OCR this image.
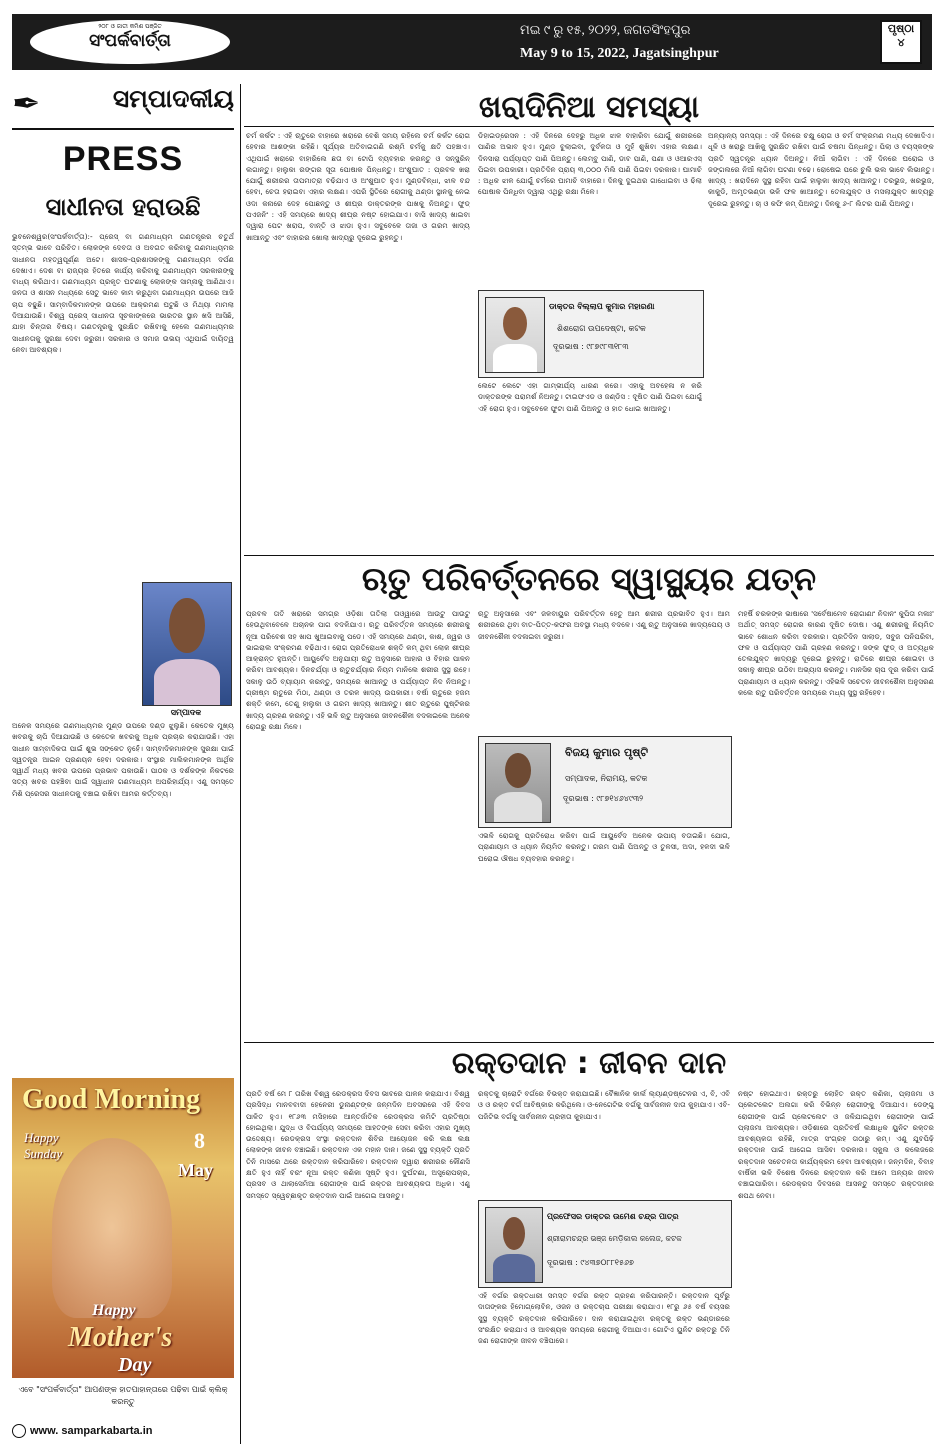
୨୦୮ ଓ ଜାତୀ କମିଶ ପଞ୍ଜିତ
ସଂପର୍କବାର୍ତ୍ତା
ମଇ ୯ ରୁ ୧୫, ୨୦୨୨, ଜଗତସିଂହପୁର
May 9 to 15, 2022, Jagatsinghpur
ପୃଷ୍ଠା
୪
✒	ସମ୍ପାଦକୀୟ
PRESS
ସାଧୀନତା ହରାଉଛି
ଭୁବନେଶ୍ୱର(ସଂପର୍କବାର୍ତ୍ତା):- ପ୍ରେସ୍ ବା ଗଣମାଧ୍ୟମ ଗଣତନ୍ତ୍ରର ଚତୁର୍ଥ ସ୍ତମ୍ଭ ଭାବେ ପରିଚିତ। ଲୋକଙ୍କ ଦେବତା ଓ ଅବଗତ କରିବାକୁ ଗଣମାଧ୍ୟମର ସାଧୀନତା ମହତ୍ୱପୂର୍ଣ୍ଣ ଅଟେ। ଶାସକ-ପ୍ରଶାସକଙ୍କୁ ଗଣମାଧ୍ୟମ ଦର୍ପଣ ଦେଖାଏ। ଦେଶ ବା ରାଜ୍ୟର ହିତରେ କାର୍ଯ୍ୟ କରିବାକୁ ଗଣମାଧ୍ୟମ ସରକାରଙ୍କୁ ବାଧ୍ୟ କରିଥାଏ। ଗଣମାଧ୍ୟମ ପ୍ରକୃତ ଘଟଣାକୁ ଲୋକଙ୍କ ସାମ୍ନାକୁ ଆଣିଥାଏ। ଜନତା ଓ ଶାସନ ମଧ୍ୟରେ ସେତୁ ଭାବେ କାମ କରୁଥିବା ଗଣମାଧ୍ୟମ ଉପରେ ଆଜି ଚାପ ବଢୁଛି। ସାମ୍ବାଦିକମାନଙ୍କ ଉପରେ ଆକ୍ରମଣ ଘଟୁଛି ଓ ମିଥ୍ୟା ମାମଲା ଦିଆଯାଉଛି। ବିଶ୍ୱ ପ୍ରେସ୍ ସାଧୀନତା ସୂଚକାଙ୍କରେ ଭାରତର ସ୍ଥାନ ଖସି ଆସିଛି, ଯାହା ଚିନ୍ତାର ବିଷୟ। ଗଣତନ୍ତ୍ରକୁ ସୁରକ୍ଷିତ ରଖିବାକୁ ହେଲେ ଗଣମାଧ୍ୟମର ସାଧୀନତାକୁ ସୁରକ୍ଷା ଦେବା ଜରୁରୀ। ସରକାର ଓ ସମାଜ ଉଭୟ ଏଥିପାଇଁ ଦାୟିତ୍ୱ ନେବା ଆବଶ୍ୟକ।
ସମ୍ପାଦକ
ଅନେକ ସମୟରେ ଗଣମାଧ୍ୟମର ମୁଣ୍ଡ ଉପରେ ଦଣ୍ଡ ଝୁଲୁଛି। କେତେକ ମୁଖ୍ୟ ଖବରକୁ ଚାପି ଦିଆଯାଉଛି ଓ କେତେକ ଖବରକୁ ଅଧିକ ପ୍ରଚାର କରାଯାଉଛି। ଏହା ସାଧୀନ ସାମ୍ବାଦିକତା ପାଇଁ ଶୁଭ ସଙ୍କେତ ନୁହେଁ। ସାମ୍ବାଦିକମାନଙ୍କ ସୁରକ୍ଷା ପାଇଁ ସ୍ୱତନ୍ତ୍ର ଆଇନ ପ୍ରଣୟନ ହେବା ଦରକାର। ସଂସ୍ଥାର ମାଲିକମାନଙ୍କ ଆର୍ଥିକ ସ୍ୱାର୍ଥ ମଧ୍ୟ ଖବର ଉପରେ ପ୍ରଭାବ ପକାଉଛି। ପାଠକ ଓ ଦର୍ଶକଙ୍କ ନିକଟରେ ସତ୍ୟ ଖବର ପହଞ୍ଚିବା ପାଇଁ ସ୍ୱାଧୀନ ଗଣମାଧ୍ୟମ ଅପରିହାର୍ଯ୍ୟ। ଏଣୁ ସମସ୍ତେ ମିଶି ପ୍ରେସର ସାଧୀନତାକୁ ବଞ୍ଚାଇ ରଖିବା ଆମର କର୍ତ୍ତବ୍ୟ।
Good Morning
Happy
Sunday
8
May
Happy
Mother's
Day
ଏବେ "ସଂପର୍କବାର୍ତ୍ତା" ଆପଣଙ୍କ ହାତପାହାନ୍ତାରେ ପଢିବା ପାଇଁ କ୍ଲିକ୍ କରନ୍ତୁ
www. samparkabarta.in
ଖରାଦିନିଆ ସମସ୍ୟା
ଚର୍ମ କର୍କଟ : ଏହି ଋତୁରେ ବାହାରେ ଖରାରେ ବେଶି ସମୟ ରହିଲେ ଚର୍ମ କର୍କଟ ରୋଗ ହେବାର ଆଶଙ୍କା ରହିଛି। ସୂର୍ଯ୍ୟର ଅତିବାଇଗଣି ରଶ୍ମି ଚର୍ମକୁ କ୍ଷତି ପହଞ୍ଚାଏ। ଏଥିପାଇଁ ଖରାରେ ବାହାରିଲେ ଛତା ବା ଟୋପି ବ୍ୟବହାର କରନ୍ତୁ ଓ ସନ୍‌ସ୍କ୍ରିନ୍ ଲଗାନ୍ତୁ। ହାଲୁକା ରଙ୍ଗର ସୂତା ପୋଷାକ ପିନ୍ଧନ୍ତୁ। ଅଂଶୁଘାତ : ପ୍ରବଳ ଖରା ଯୋଗୁଁ ଶରୀରର ତାପମାତ୍ରା ବଢିଯାଏ ଓ ଅଂଶୁଘାତ ହୁଏ। ମୁଣ୍ଡବିନ୍ଧା, ଝାଳ ବନ୍ଦ ହେବା, ଚେତା ହରାଇବା ଏହାର ଲକ୍ଷଣ। ଏପରି ସ୍ଥିତିରେ ରୋଗୀକୁ ଥଣ୍ଡା ସ୍ଥାନକୁ ନେଇ ଓଦା କନାରେ ଦେହ ପୋଛନ୍ତୁ ଓ ଶୀଘ୍ର ଡାକ୍ତରଙ୍କ ପାଖକୁ ନିଅନ୍ତୁ। ଫୁଡ୍ ପଏଜନିଂ : ଏହି ସମୟରେ ଖାଦ୍ୟ ଶୀଘ୍ର ନଷ୍ଟ ହୋଇଯାଏ। ବାସି ଖାଦ୍ୟ ଖାଇବା ଦ୍ୱାରା ପେଟ ଖରାପ, ବାନ୍ତି ଓ ଝାଡା ହୁଏ। ସବୁବେଳେ ତାଜା ଓ ଗରମ ଖାଦ୍ୟ ଖାଆନ୍ତୁ ଏବଂ ବାହାରର ଖୋଲା ଖାଦ୍ୟରୁ ଦୂରେଇ ରୁହନ୍ତୁ।
ଡିହାଇଡ୍ରେସନ : ଏହି ଦିନରେ ଦେହରୁ ଅଧିକ ଝାଳ ବାହାରିବା ଯୋଗୁଁ ଶରୀରରେ ପାଣିର ଅଭାବ ହୁଏ। ମୁଣ୍ଡ ବୁଲାଇବା, ଦୁର୍ବଳତା ଓ ମୁହଁ ଶୁଖିବା ଏହାର ଲକ୍ଷଣ। ଦିନସାରା ପର୍ଯ୍ୟାପ୍ତ ପାଣି ପିଅନ୍ତୁ। ଲେମ୍ବୁ ପାଣି, ଡାବ ପାଣି, ପଣା ଓ ଓଆରଏସ୍ ପିଇବା ଉପକାରୀ। ପ୍ରତିଦିନ ପ୍ରାୟ ୩,୦୦୦ ମିଲି ପାଣି ପିଇବା ଦରକାର। ଘାମାଚି : ଅଧିକ ଝାଳ ଯୋଗୁଁ ଚର୍ମରେ ଘାମାଚି ବାହାରେ। ଦିନକୁ ଦୁଇଥର ଗାଧୋଇବା ଓ ଢିଲା ପୋଷାକ ପିନ୍ଧିବା ଦ୍ୱାରା ଏଥିରୁ ରକ୍ଷା ମିଳେ।
ଡାକ୍ତର ବିଲ୍ଲାପ କୁମାର ମହାରଣା
ଶିଶରୋଗ ଉପଦେଷ୍ଟା, କଟକ
ଦୂରଭାଷ : ୯୮୭୯୮୩୧୮୩
ଲେଟେ ଲେଟେ ଏହା ଗାମ୍ଭୀର୍ଯ୍ୟ ଧାରଣ କରେ। ଏହାକୁ ଅବହେଳା ନ କରି ଡାକ୍ତରଙ୍କ ପରାମର୍ଶ ନିଅନ୍ତୁ। ଟାଇଫଏଡ ଓ ଜଣ୍ଡିସ : ଦୂଷିତ ପାଣି ପିଇବା ଯୋଗୁଁ ଏହି ରୋଗ ହୁଏ। ସବୁବେଳେ ଫୁଟା ପାଣି ପିଅନ୍ତୁ ଓ ହାତ ଧୋଇ ଖାଆନ୍ତୁ।
ଅନ୍ୟାନ୍ୟ ସମସ୍ୟା : ଏହି ଦିନରେ ଚକ୍ଷୁ ରୋଗ ଓ ଚର୍ମ ସଂକ୍ରମଣ ମଧ୍ୟ ଦେଖାଦିଏ। ଧୂଳି ଓ ଖରାରୁ ଆଖିକୁ ସୁରକ୍ଷିତ ରଖିବା ପାଇଁ ଚଷମା ପିନ୍ଧନ୍ତୁ। ପିଲା ଓ ବୟସ୍କଙ୍କ ପ୍ରତି ସ୍ୱତନ୍ତ୍ର ଧ୍ୟାନ ଦିଅନ୍ତୁ। ନିଆଁ ଲାଗିବା : ଏହି ଦିନରେ ଘରୋଇ ଓ ଜଙ୍ଗଲରେ ନିଆଁ ଲାଗିବା ଘଟଣା ବଢେ। ରୋଷେଇ ପରେ ଚୁଲି ଭଲ ଭାବେ ଲିଭାନ୍ତୁ। ଖାଦ୍ୟ : ଖରାଦିନେ ସୁସ୍ଥ ରହିବା ପାଇଁ ହାଲୁକା ଖାଦ୍ୟ ଖାଆନ୍ତୁ। ତରଭୁଜ, ଖରଭୁଜ, କାକୁଡି, ଅମୃତଭଣ୍ଡା ଭଳି ଫଳ ଖାଆନ୍ତୁ। ତେଲଯୁକ୍ତ ଓ ମସଲାଯୁକ୍ତ ଖାଦ୍ୟରୁ ଦୂରେଇ ରୁହନ୍ତୁ। ଚା ଓ କଫି କମ୍ ପିଅନ୍ତୁ। ଦିନକୁ ୬-୮ ଲିଟର ପାଣି ପିଅନ୍ତୁ।
ଋତୁ ପରିବର୍ତ୍ତନରେ ସ୍ୱାସ୍ଥ୍ୟର ଯତ୍ନ
ପ୍ରବଳ ତାତି ଖରାରେ ସମଗ୍ର ଓଡ଼ିଶା ତାତିଲା ତାଓ୍ୱାରେ ଆଉଟୁ ପାଉଟୁ ହେଉଥିବାବେଳେ ଅଚାନକ ପାଗ ବଦଳିଯାଏ। ଋତୁ ପରିବର୍ତ୍ତନ ସମୟରେ ଶରୀରକୁ ନୂଆ ପରିବେଶ ସହ ଖାପ ଖୁଆଇବାକୁ ପଡେ। ଏହି ସମୟରେ ଥଣ୍ଡା, କାଶ, ଜ୍ୱର ଓ ଭାଇରାଲ ସଂକ୍ରମଣ ବଢିଥାଏ। ରୋଗ ପ୍ରତିରୋଧକ ଶକ୍ତି କମ୍ ଥିବା ଲୋକ ଶୀଘ୍ର ଆକ୍ରାନ୍ତ ହୁଅନ୍ତି। ଆୟୁର୍ବେଦ ଅନୁଯାୟୀ ଋତୁ ଅନୁସାରେ ଆହାର ଓ ବିହାର ପାଳନ କରିବା ଆବଶ୍ୟକ। ଦିନଚର୍ଯ୍ୟା ଓ ଋତୁଚର୍ଯ୍ୟାର ନିୟମ ମାନିଲେ ଶରୀର ସୁସ୍ଥ ରହେ। ସକାଳୁ ଉଠି ବ୍ୟାୟାମ କରନ୍ତୁ, ସମୟରେ ଖାଆନ୍ତୁ ଓ ପର୍ଯ୍ୟାପ୍ତ ନିଦ ନିଅନ୍ତୁ। ଗ୍ରୀଷ୍ମ ଋତୁରେ ମିଠା, ଥଣ୍ଡା ଓ ତରଳ ଖାଦ୍ୟ ଉପକାରୀ। ବର୍ଷା ଋତୁରେ ହଜମ ଶକ୍ତି କମେ, ତେଣୁ ହାଲୁକା ଓ ଗରମ ଖାଦ୍ୟ ଖାଆନ୍ତୁ। ଶୀତ ଋତୁରେ ପୁଷ୍ଟିକର ଖାଦ୍ୟ ଗ୍ରହଣ କରନ୍ତୁ। ଏହି ଭଳି ଋତୁ ଅନୁସାରେ ଜୀବନଶୈଳୀ ବଦଳାଇଲେ ଅନେକ ରୋଗରୁ ରକ୍ଷା ମିଳେ।
ଋତୁ ଅନୁସାରେ ଏବଂ ଜଳବାୟୁର ପରିବର୍ତ୍ତନ ହେତୁ ଆମ ଶରୀର ପ୍ରଭାବିତ ହୁଏ। ଆମ ଶରୀରରେ ଥିବା ବାତ-ପିତ୍ତ-କଫର ଅବସ୍ଥା ମଧ୍ୟ ବଦଳେ। ଏଣୁ ଋତୁ ଅନୁସାରେ ଖାଦ୍ୟପେୟ ଓ ଜୀବନଶୈଳୀ ବଦଳାଇବା ଜରୁରୀ।
ବିଜୟ କୁମାର ପୃଷ୍ଟି
ସମ୍ପାଦକ, ନିରାମୟ, କଟକ
ଦୂରଭାଷ : ୯୮୭୧୪୬୪୯୩୨
ଏଭଳି ରୋଗକୁ ପ୍ରତିରୋଧ କରିବା ପାଇଁ ଆୟୁର୍ବେଦ ଅନେକ ଉପାୟ ବତାଇଛି। ଯୋଗ, ପ୍ରାଣାୟାମ ଓ ଧ୍ୟାନ ନିୟମିତ କରନ୍ତୁ। ଗରମ ପାଣି ପିଅନ୍ତୁ ଓ ତୁଳସୀ, ଅଦା, ହଳଦୀ ଭଳି ଘରୋଇ ଔଷଧ ବ୍ୟବହାର କରନ୍ତୁ।
ମହର୍ଷି ଚରକଙ୍କ ଭାଷାରେ 'ସର୍ବେଷାମେବ ରୋଗାଣାଂ ନିଦାନଂ କୁପିତା ମଳାଃ' ଅର୍ଥାତ୍ ସମସ୍ତ ରୋଗର କାରଣ ଦୂଷିତ ଦୋଷ। ଏଣୁ ଶରୀରକୁ ନିୟମିତ ଭାବେ ଶୋଧନ କରିବା ଦରକାର। ପ୍ରତିଦିନ ସାଲାଡ, ସବୁଜ ପନିପରିବା, ଫଳ ଓ ପର୍ଯ୍ୟାପ୍ତ ପାଣି ଗ୍ରହଣ କରନ୍ତୁ। ଜଙ୍କ ଫୁଡ୍ ଓ ଅତ୍ୟଧିକ ତେଲଯୁକ୍ତ ଖାଦ୍ୟରୁ ଦୂରେଇ ରୁହନ୍ତୁ। ରାତିରେ ଶୀଘ୍ର ଶୋଇବା ଓ ସକାଳୁ ଶୀଘ୍ର ଉଠିବା ଅଭ୍ୟାସ କରନ୍ତୁ। ମାନସିକ ଚାପ ଦୂର କରିବା ପାଇଁ ପ୍ରାଣାୟାମ ଓ ଧ୍ୟାନ କରନ୍ତୁ। ଏହିଭଳି ସଚେତନ ଜୀବନଶୈଳୀ ଅନୁସରଣ କଲେ ଋତୁ ପରିବର୍ତ୍ତନ ସମୟରେ ମଧ୍ୟ ସୁସ୍ଥ ରହିହେବ।
ରକ୍ତଦାନ : ଜୀବନ ଦାନ
ପ୍ରତି ବର୍ଷ ମେ ୮ ତାରିଖ ବିଶ୍ୱ ରେଡକ୍ରସ ଦିବସ ଭାବରେ ପାଳନ କରାଯାଏ। ବିଶ୍ୱ ପ୍ରସିଦ୍ଧ ମାନବବାଦୀ ହେନେରୀ ଡୁନାଣ୍ଟଙ୍କ ଜନ୍ମଦିନ ଅବସରରେ ଏହି ଦିବସ ପାଳିତ ହୁଏ। ୧୮୬୩ ମସିହାରେ ଆନ୍ତର୍ଜାତିକ ରେଡକ୍ରସ କମିଟି ପ୍ରତିଷ୍ଠା ହୋଇଥିଲା। ଯୁଦ୍ଧ ଓ ବିପର୍ଯ୍ୟୟ ସମୟରେ ଆହତଙ୍କ ସେବା କରିବା ଏହାର ମୁଖ୍ୟ ଉଦ୍ଦେଶ୍ୟ। ରେଡକ୍ରସ ସଂସ୍ଥା ରକ୍ତଦାନ ଶିବିର ଆୟୋଜନ କରି ଲକ୍ଷ ଲକ୍ଷ ଲୋକଙ୍କ ଜୀବନ ବଞ୍ଚାଇଛି। ରକ୍ତଦାନ ଏକ ମହାନ ଦାନ। ଜଣେ ସୁସ୍ଥ ବ୍ୟକ୍ତି ପ୍ରତି ତିନି ମାସରେ ଥରେ ରକ୍ତଦାନ କରିପାରିବେ। ରକ୍ତଦାନ ଦ୍ୱାରା ଶରୀରର କୌଣସି କ୍ଷତି ହୁଏ ନାହିଁ ବରଂ ନୂଆ ରକ୍ତ କଣିକା ସୃଷ୍ଟି ହୁଏ। ଦୁର୍ଘଟଣା, ଅସ୍ତ୍ରୋପଚାର, ପ୍ରସବ ଓ ଥାଲାସେମିଆ ରୋଗୀଙ୍କ ପାଇଁ ରକ୍ତର ଆବଶ୍ୟକତା ଅଧିକ। ଏଣୁ ସମସ୍ତେ ସ୍ୱେଚ୍ଛାକୃତ ରକ୍ତଦାନ ପାଇଁ ଆଗେଇ ଆସନ୍ତୁ।
ରକ୍ତକୁ ଚାରୋଟି ବର୍ଗରେ ବିଭକ୍ତ କରାଯାଇଛି। ବୈଜ୍ଞାନିକ କାର୍ଲ ଲ୍ୟାଣ୍ଡଷ୍ଟେନର ଏ, ବି, ଏବି ଓ ଓ ରକ୍ତ ବର୍ଗ ଆବିଷ୍କାର କରିଥିଲେ। ଓ-ନେଗେଟିଭ ବର୍ଗକୁ ସାର୍ବଜନୀନ ଦାତା କୁହାଯାଏ। ଏବି-ପଜିଟିଭ ବର୍ଗକୁ ସାର୍ବଜନୀନ ଗ୍ରହୀତା କୁହାଯାଏ।
ପ୍ରଫେସର ଡାକ୍ତର ଉମେଶ ଚନ୍ଦ୍ର ପାତ୍ର
ଶ୍ରୀରାମଚନ୍ଦ୍ର ଭଞ୍ଜ ମେଡ଼ିକାଲ କଲେଜ, କଟକ
ଦୂରଭାଷ : ୯୪୩୭୦୮୮୧୫୬୭
ଏହି ବର୍ଗର ରକ୍ତଧାରୀ ସମସ୍ତ ବର୍ଗର ରକ୍ତ ଗ୍ରହଣ କରିପାରନ୍ତି। ରକ୍ତଦାନ ପୂର୍ବରୁ ଦାତାଙ୍କର ହିମୋଗ୍ଲୋବିନ, ଓଜନ ଓ ରକ୍ତଚାପ ପରୀକ୍ଷା କରାଯାଏ। ୧୮ରୁ ୬୫ ବର୍ଷ ବୟସର ସୁସ୍ଥ ବ୍ୟକ୍ତି ରକ୍ତଦାନ କରିପାରିବେ। ଦାନ କରାଯାଇଥିବା ରକ୍ତକୁ ରକ୍ତ ଭଣ୍ଡାରରେ ସଂରକ୍ଷିତ କରାଯାଏ ଓ ଆବଶ୍ୟକ ସମୟରେ ରୋଗୀକୁ ଦିଆଯାଏ। ଗୋଟିଏ ୟୁନିଟ ରକ୍ତରୁ ତିନି ଜଣ ରୋଗୀଙ୍କ ଜୀବନ ବଞ୍ଚିପାରେ।
ନଷ୍ଟ ହୋଇଥାଏ। ରକ୍ତରୁ ଲୋହିତ ରକ୍ତ କଣିକା, ପ୍ଲାଜମା ଓ ପ୍ଲେଟଲେଟ ଅଲଗା କରି ବିଭିନ୍ନ ରୋଗୀଙ୍କୁ ଦିଆଯାଏ। ଡେଙ୍ଗୁ ରୋଗୀଙ୍କ ପାଇଁ ପ୍ଲେଟଲେଟ ଓ ଜଳିଯାଇଥିବା ରୋଗୀଙ୍କ ପାଇଁ ପ୍ଲାଜମା ଆବଶ୍ୟକ। ଓଡ଼ିଶାରେ ପ୍ରତିବର୍ଷ ଲକ୍ଷାଧିକ ୟୁନିଟ ରକ୍ତର ଆବଶ୍ୟକତା ରହିଛି, ମାତ୍ର ସଂଗ୍ରହ ତାଠାରୁ କମ୍। ଏଣୁ ଯୁବପିଢ଼ି ରକ୍ତଦାନ ପାଇଁ ଆଗେଇ ଆସିବା ଦରକାର। ସ୍କୁଲ ଓ କଲେଜରେ ରକ୍ତଦାନ ସଚେତନତା କାର୍ଯ୍ୟକ୍ରମ ହେବା ଆବଶ୍ୟକ। ଜନ୍ମଦିନ, ବିବାହ ବାର୍ଷିକୀ ଭଳି ବିଶେଷ ଦିନରେ ରକ୍ତଦାନ କରି ଆମେ ଅନ୍ୟର ଜୀବନ ବଞ୍ଚାଇପାରିବା। ରେଡକ୍ରସ ଦିବସରେ ଆସନ୍ତୁ ସମସ୍ତେ ରକ୍ତଦାନର ଶପଥ ନେବା।
